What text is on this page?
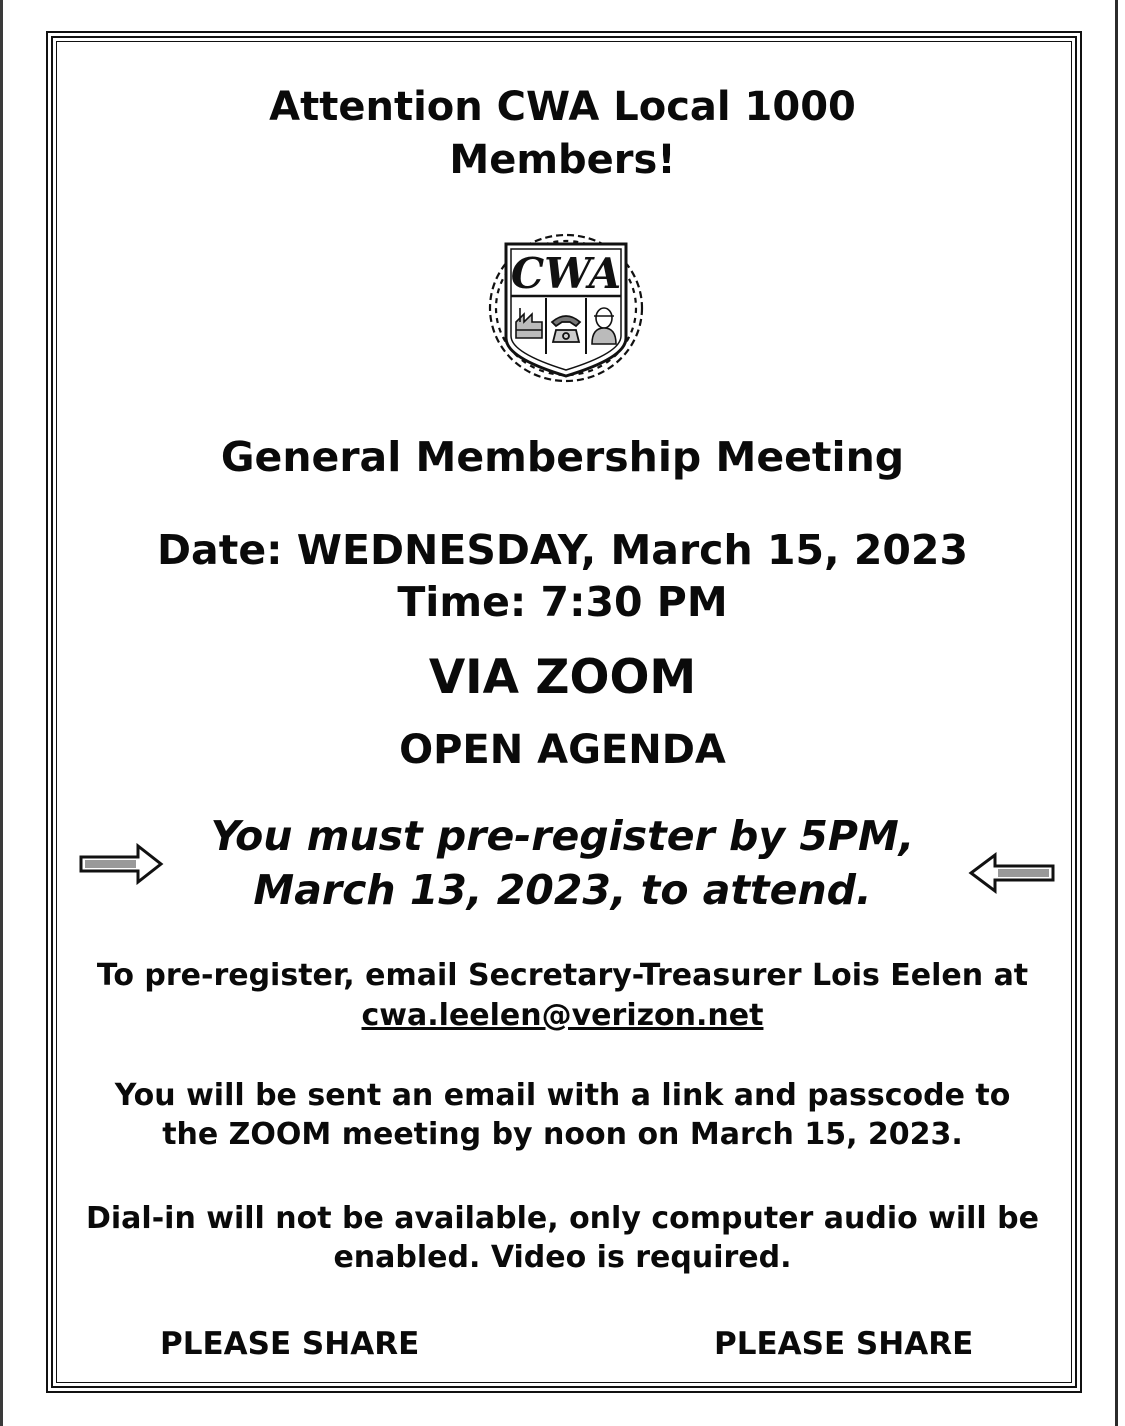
Attention CWA Local 1000
Members!
CWA
General Membership Meeting
Date: WEDNESDAY, March 15, 2023
Time: 7:30 PM
VIA ZOOM
OPEN AGENDA
You must pre-register by 5PM,
March 13, 2023, to attend.
To pre-register, email Secretary-Treasurer Lois Eelen at
cwa.leelen@verizon.net
You will be sent an email with a link and passcode to
the ZOOM meeting by noon on March 15, 2023.
Dial-in will not be available, only computer audio will be
enabled. Video is required.
PLEASE SHARE	PLEASE SHARE
